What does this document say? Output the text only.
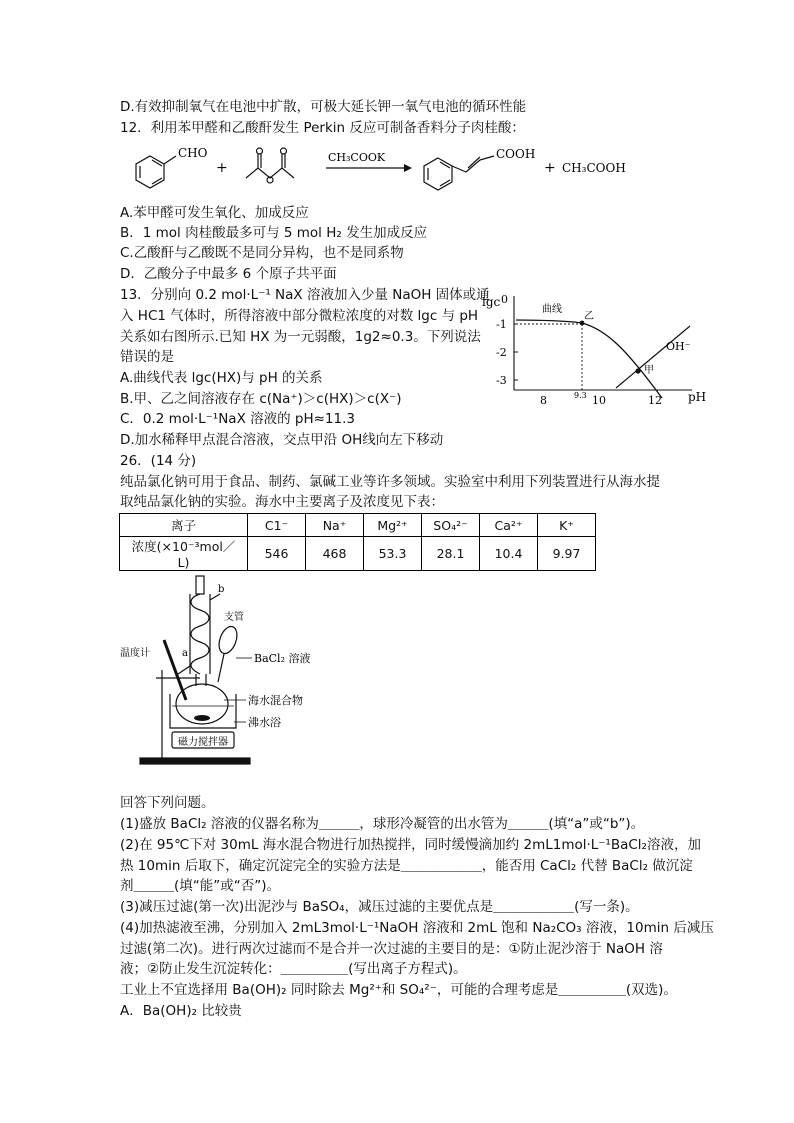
D.有效抑制氧气在电池中扩散，可极大延长钾一氧气电池的循环性能
12．利用苯甲醛和乙酸酐发生 Perkin 反应可制备香料分子肉桂酸：
CHO
+
CH₃COOK	COOH
+ CH₃COOH
A.苯甲醛可发生氧化、加成反应
B．1 mol 肉桂酸最多可与 5 mol H₂ 发生加成反应
C.乙酸酐与乙酸既不是同分异构，也不是同系物
D．乙酸分子中最多 6 个原子共平面
13．分别向 0.2 mol·L⁻¹ NaX 溶液加入少量 NaOH 固体或通
入 HC1 气体时，所得溶液中部分微粒浓度的对数 lgc 与 pH
关系如右图所示.已知 HX 为一元弱酸，1g2≈0.3。下列说法
错误的是
A.曲线代表 lgc(HX)与 pH 的关系
B.甲、乙之间溶液存在 c(Na⁺)＞c(HX)＞c(X⁻)
C．0.2 mol·L⁻¹NaX 溶液的 pH≈11.3
D.加水稀释甲点混合溶液，交点甲沿 OH线向左下移动
lgc 0
-1
-2
-3
8	9.3 10	12 pH
曲线
乙
甲
OH⁻
26．(14 分)
纯品氯化钠可用于食品、制药、氯碱工业等许多领域。实验室中利用下列装置进行从海水提
取纯品氯化钠的实验。海水中主要离子及浓度见下表：
离子	C1⁻	Na⁺	Mg²⁺	SO₄²⁻	Ca²⁺	K⁺
浓度(×10⁻³mol／L)	546	468	53.3	28.1	10.4	9.97
b
a
支管
温度计	BaCl₂ 溶液
海水混合物
沸水浴
磁力搅拌器
回答下列问题。
(1)盛放 BaCl₂ 溶液的仪器名称为＿＿＿，球形冷凝管的出水管为＿＿＿(填“a”或“b”)。
(2)在 95℃下对 30mL 海水混合物进行加热搅拌，同时缓慢滴加约 2mL1mol·L⁻¹BaCl₂溶液，加
热 10min 后取下，确定沉淀完全的实验方法是＿＿＿＿＿＿，能否用 CaCl₂ 代替 BaCl₂ 做沉淀
剂＿＿＿(填“能”或“否”)。
(3)减压过滤(第一次)出泥沙与 BaSO₄，减压过滤的主要优点是＿＿＿＿＿＿(写一条)。
(4)加热滤液至沸，分别加入 2mL3mol·L⁻¹NaOH 溶液和 2mL 饱和 Na₂CO₃ 溶液，10min 后减压
过滤(第二次)。进行两次过滤而不是合并一次过滤的主要目的是：①防止泥沙溶于 NaOH 溶
液；②防止发生沉淀转化：＿＿＿＿＿(写出离子方程式)。
工业上不宜选择用 Ba(OH)₂ 同时除去 Mg²⁺和 SO₄²⁻，可能的合理考虑是＿＿＿＿＿(双选)。
A．Ba(OH)₂ 比较贵
